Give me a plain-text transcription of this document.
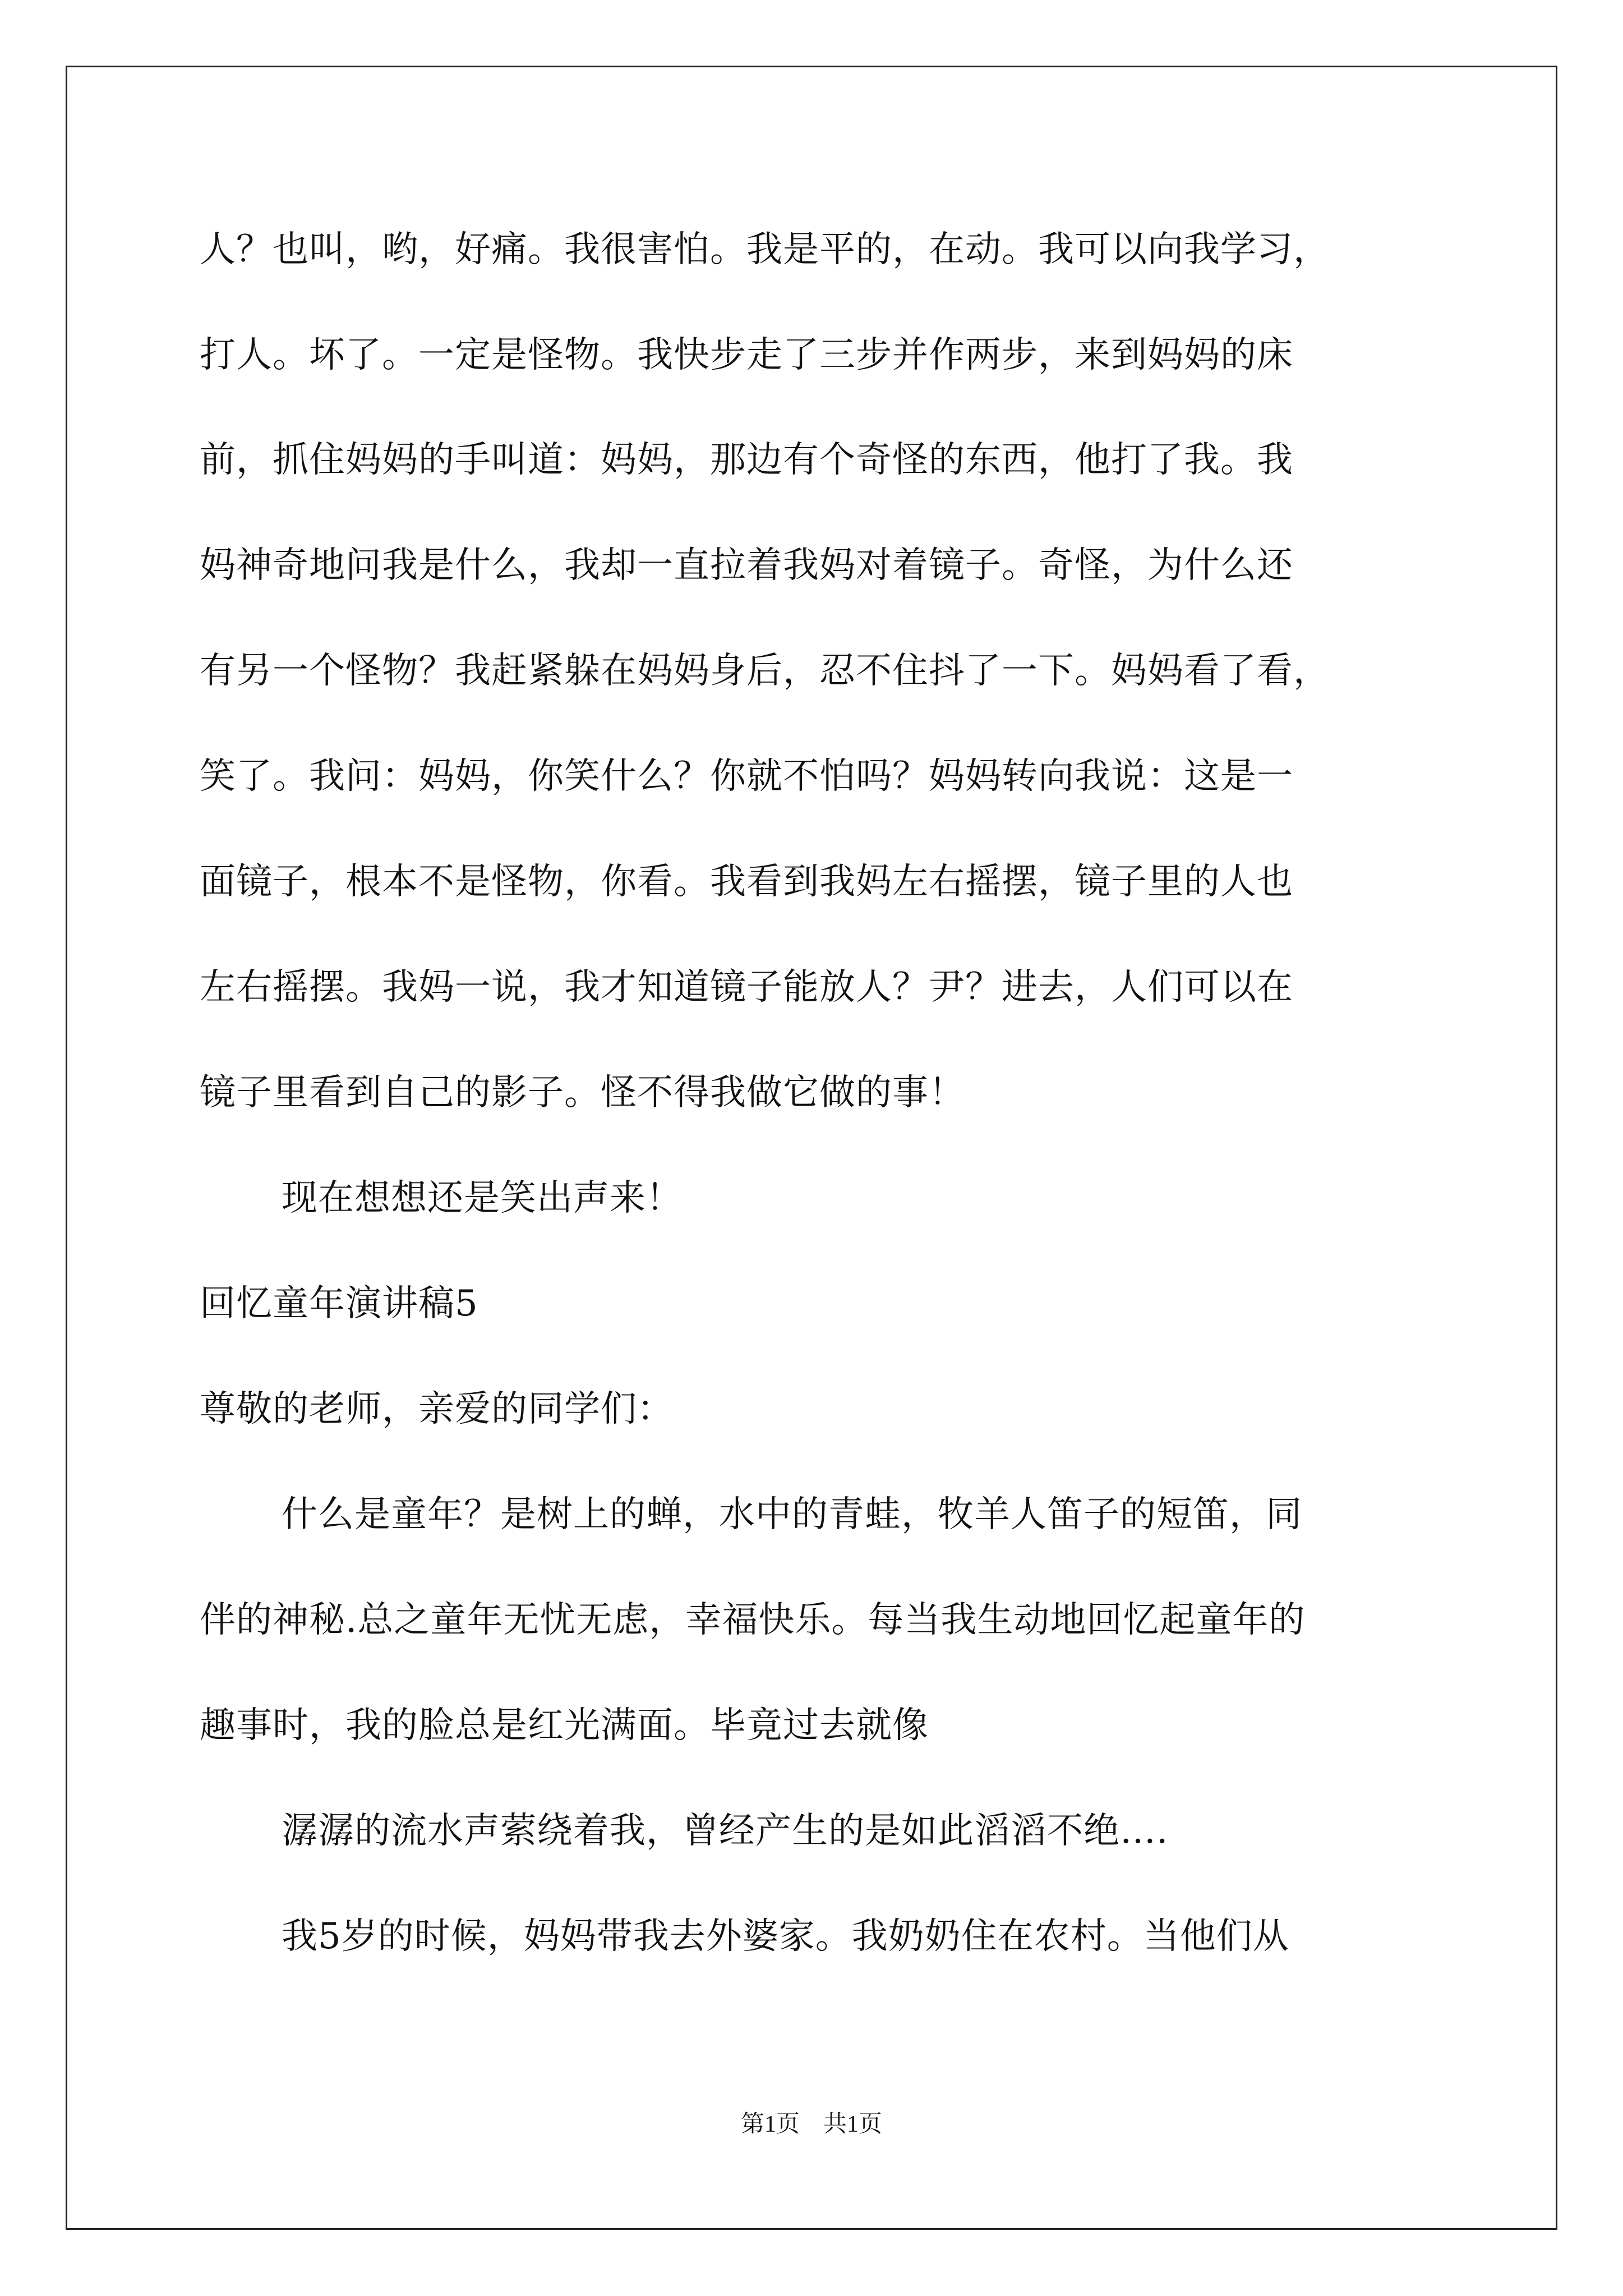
人？也叫，哟，好痛。我很害怕。我是平的，在动。我可以向我学习，
打人。坏了。一定是怪物。我快步走了三步并作两步，来到妈妈的床
前，抓住妈妈的手叫道：妈妈，那边有个奇怪的东西，他打了我。我
妈神奇地问我是什么，我却一直拉着我妈对着镜子。奇怪，为什么还
有另一个怪物？我赶紧躲在妈妈身后，忍不住抖了一下。妈妈看了看，
笑了。我问：妈妈，你笑什么？你就不怕吗？妈妈转向我说：这是一
面镜子，根本不是怪物，你看。我看到我妈左右摇摆，镜子里的人也
左右摇摆。我妈一说，我才知道镜子能放人？尹？进去，人们可以在
镜子里看到自己的影子。怪不得我做它做的事！
现在想想还是笑出声来！
回忆童年演讲稿5
尊敬的老师，亲爱的同学们：
什么是童年？是树上的蝉，水中的青蛙，牧羊人笛子的短笛，同
伴的神秘.总之童年无忧无虑，幸福快乐。每当我生动地回忆起童年的
趣事时，我的脸总是红光满面。毕竟过去就像
潺潺的流水声萦绕着我，曾经产生的是如此滔滔不绝….
我5岁的时候，妈妈带我去外婆家。我奶奶住在农村。当他们从
第1页　共1页
